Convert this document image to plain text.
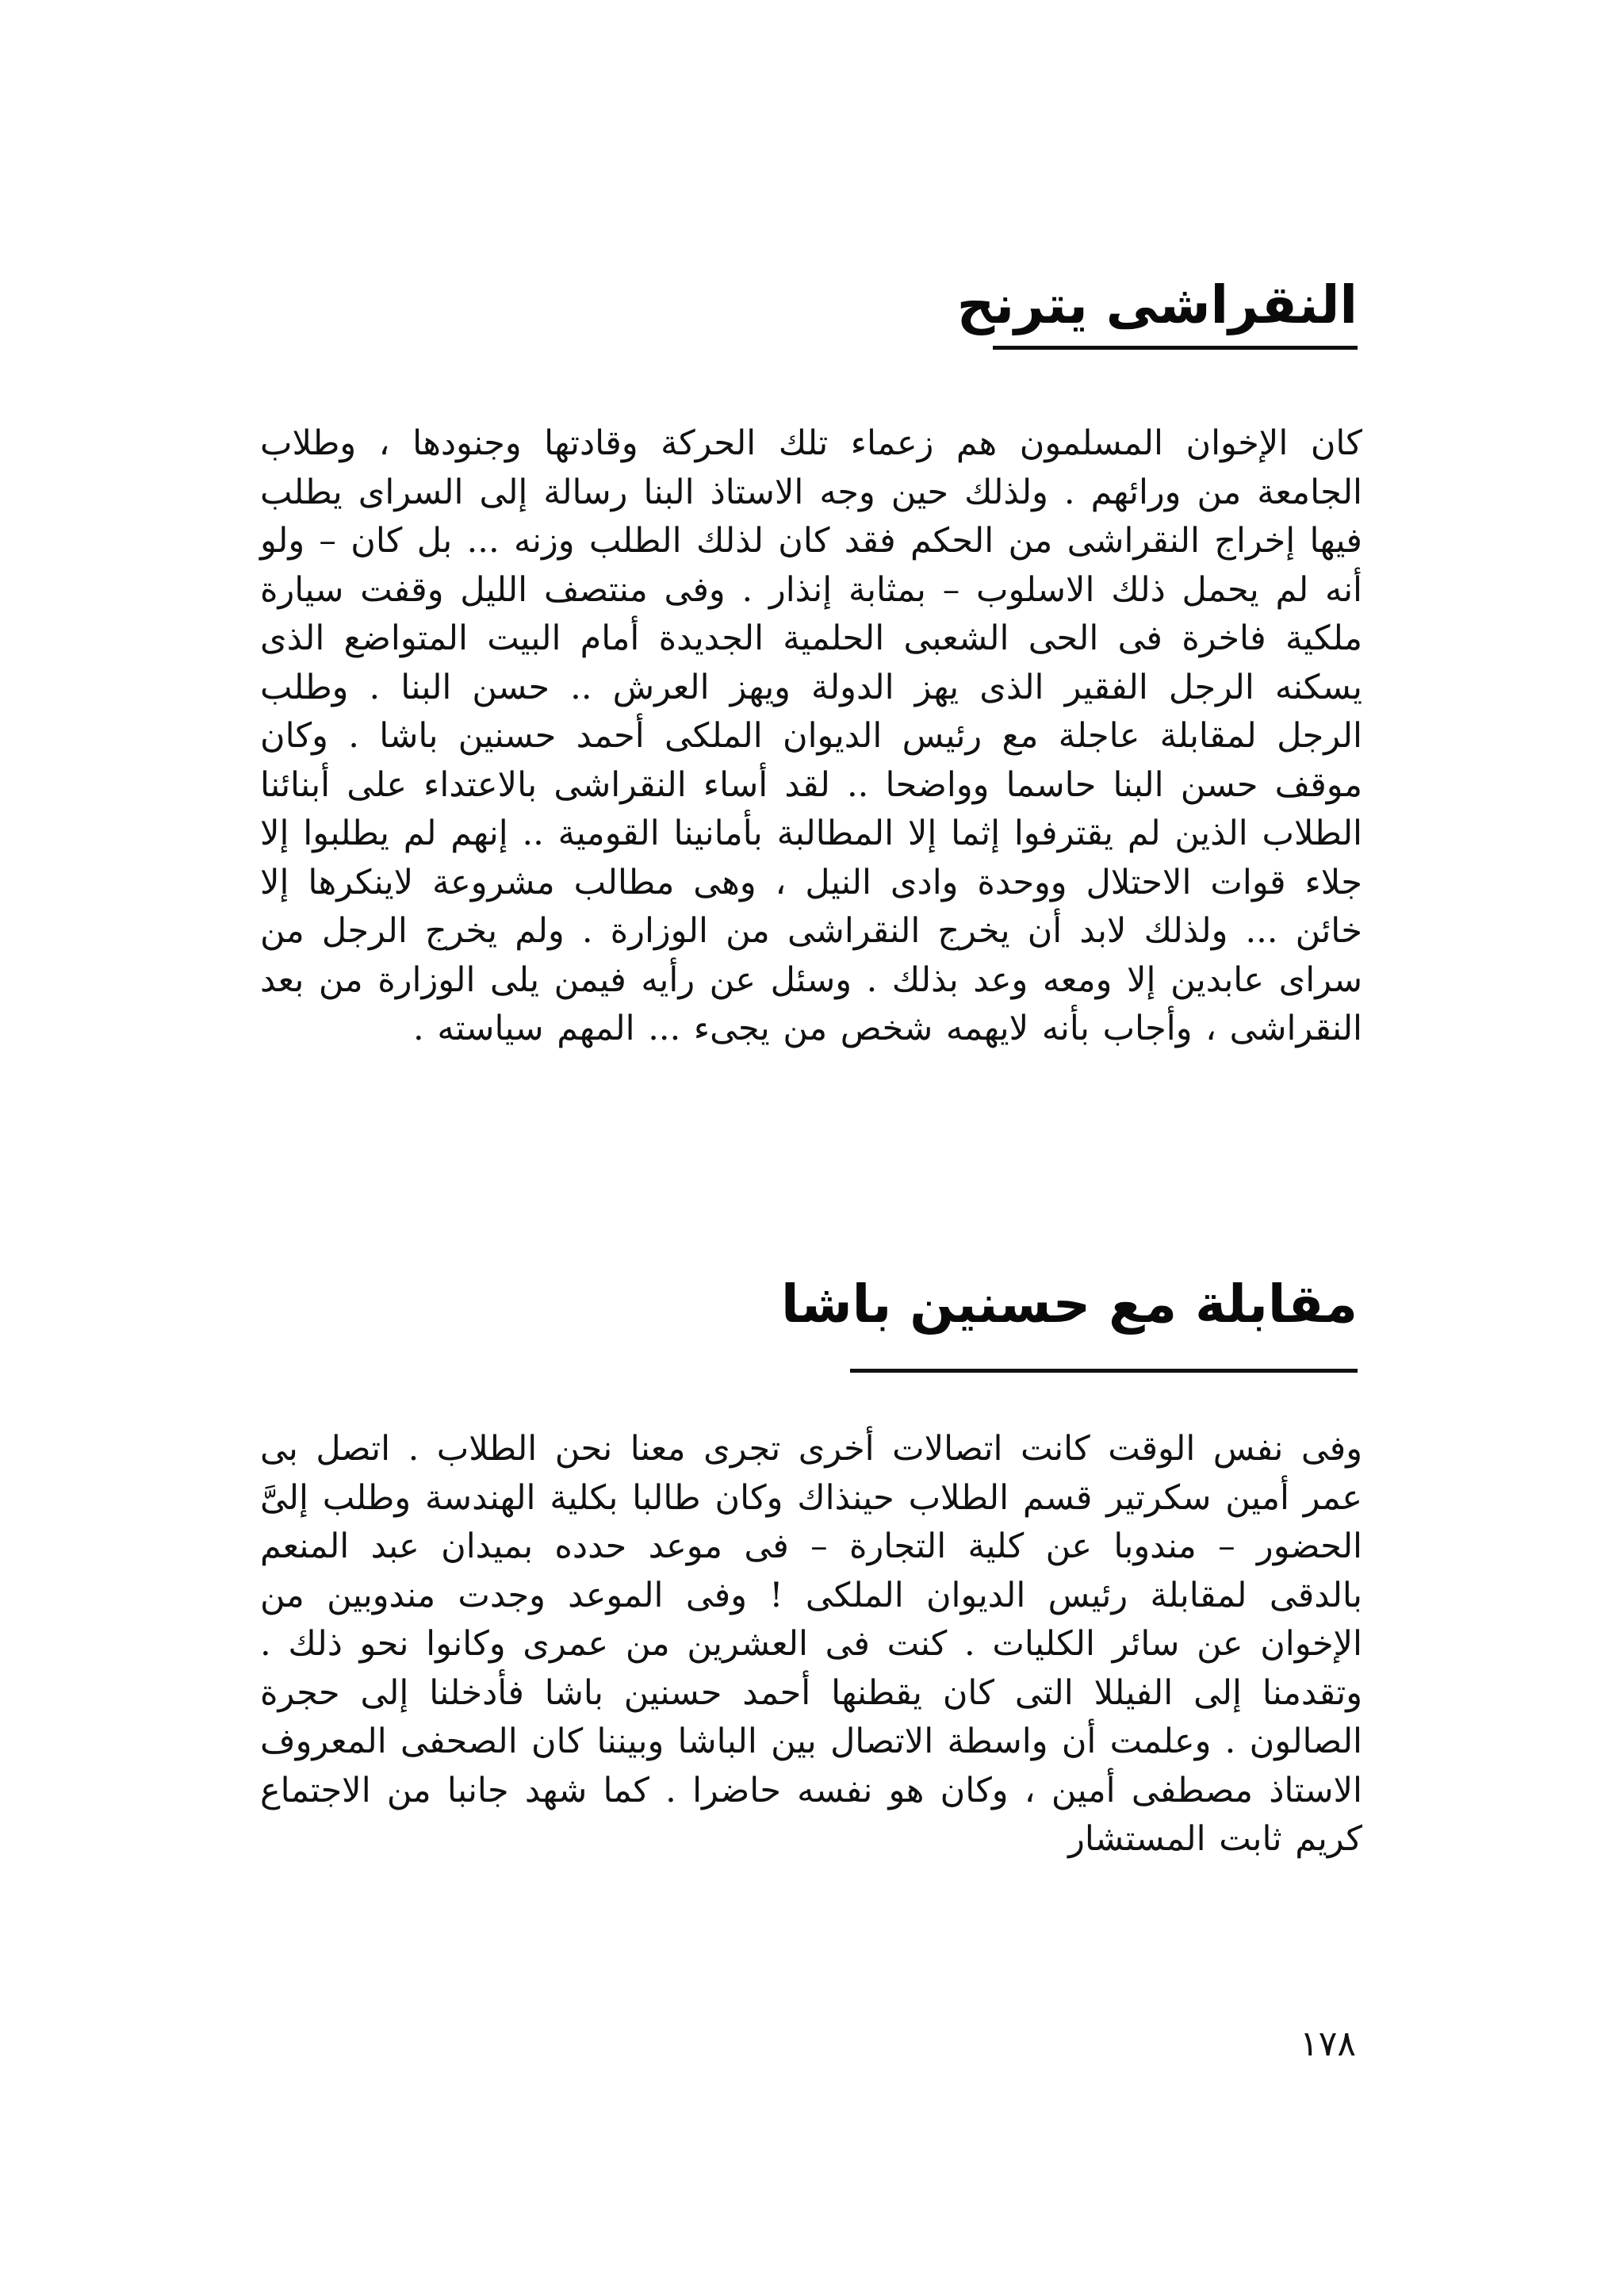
النقراشى يترنح

كان الإخوان المسلمون هم زعماء تلك الحركة وقادتها وجنودها ، وطلاب الجامعة من ورائهم . ولذلك حين وجه الاستاذ البنا رسالة إلى السراى يطلب فيها إخراج النقراشى من الحكم فقد كان لذلك الطلب وزنه ... بل كان – ولو أنه لم يحمل ذلك الاسلوب – بمثابة إنذار . وفى منتصف الليل وقفت سيارة ملكية فاخرة فى الحى الشعبى الحلمية الجديدة أمام البيت المتواضع الذى يسكنه الرجل الفقير الذى يهز الدولة ويهز العرش .. حسن البنا . وطلب الرجل لمقابلة عاجلة مع رئيس الديوان الملكى أحمد حسنين باشا . وكان موقف حسن البنا حاسما وواضحا .. لقد أساء النقراشى بالاعتداء على أبنائنا الطلاب الذين لم يقترفوا إثما إلا المطالبة بأمانينا القومية .. إنهم لم يطلبوا إلا جلاء قوات الاحتلال ووحدة وادى النيل ، وهى مطالب مشروعة لاينكرها إلا خائن ... ولذلك لابد أن يخرج النقراشى من الوزارة . ولم يخرج الرجل من سراى عابدين إلا ومعه وعد بذلك . وسئل عن رأيه فيمن يلى الوزارة من بعد النقراشى ، وأجاب بأنه لايهمه شخص من يجىء ... المهم سياسته .

مقابلة مع حسنين باشا

وفى نفس الوقت كانت اتصالات أخرى تجرى معنا نحن الطلاب . اتصل بى عمر أمين سكرتير قسم الطلاب حينذاك وكان طالبا بكلية الهندسة وطلب إلىَّ الحضور – مندوبا عن كلية التجارة – فى موعد حدده بميدان عبد المنعم بالدقى لمقابلة رئيس الديوان الملكى ! وفى الموعد وجدت مندوبين من الإخوان عن سائر الكليات . كنت فى العشرين من عمرى وكانوا نحو ذلك . وتقدمنا إلى الفيللا التى كان يقطنها أحمد حسنين باشا فأدخلنا إلى حجرة الصالون . وعلمت أن واسطة الاتصال بين الباشا وبيننا كان الصحفى المعروف الاستاذ مصطفى أمين ، وكان هو نفسه حاضرا . كما شهد جانبا من الاجتماع كريم ثابت المستشار

١٧٨
